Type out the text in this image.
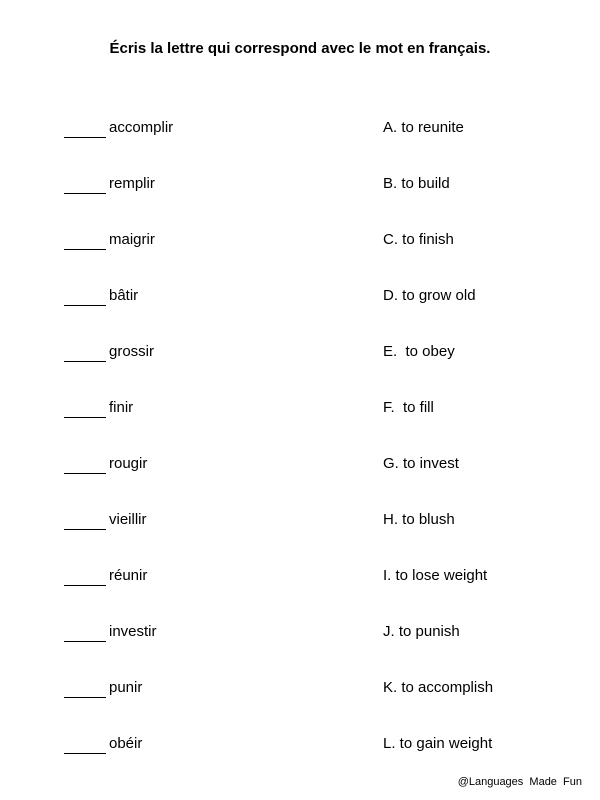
Écris la lettre qui correspond avec le mot en français.
accomplir	A. to reunite
remplir	B. to build
maigrir	C. to finish
bâtir	D. to grow old
grossir	E.  to obey
finir	F.  to fill
rougir	G. to invest
vieillir	H. to blush
réunir	I. to lose weight
investir	J. to punish
punir	K. to accomplish
obéir	L. to gain weight
@Languages  Made  Fun
